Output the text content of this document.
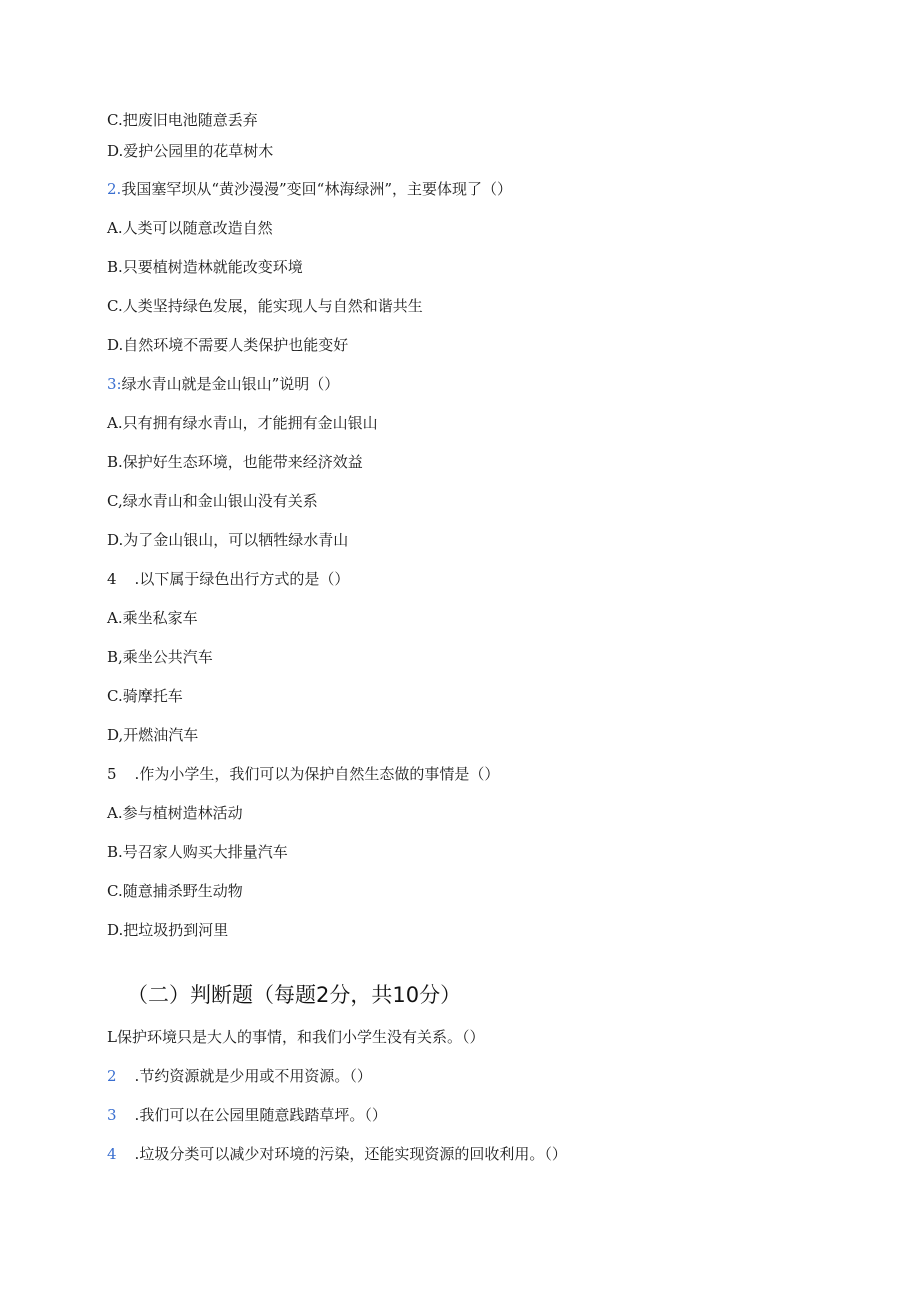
C.把废旧电池随意丢弃
D.爱护公园里的花草树木
2.我国塞罕坝从“黄沙漫漫”变回“林海绿洲”，主要体现了（）
A.人类可以随意改造自然
B.只要植树造林就能改变环境
C.人类坚持绿色发展，能实现人与自然和谐共生
D.自然环境不需要人类保护也能变好
3:绿水青山就是金山银山”说明（）
A.只有拥有绿水青山，才能拥有金山银山
B.保护好生态环境，也能带来经济效益
C,绿水青山和金山银山没有关系
D.为了金山银山，可以牺牲绿水青山
4 .以下属于绿色出行方式的是（）
A.乘坐私家车
B,乘坐公共汽车
C.骑摩托车
D,开燃油汽车
5 .作为小学生，我们可以为保护自然生态做的事情是（）
A.参与植树造林活动
B.号召家人购买大排量汽车
C.随意捕杀野生动物
D.把垃圾扔到河里
（二）判断题（每题2分，共10分）
L保护环境只是大人的事情，和我们小学生没有关系。（）
2 .节约资源就是少用或不用资源。（）
3 .我们可以在公园里随意践踏草坪。（）
4 .垃圾分类可以减少对环境的污染，还能实现资源的回收利用。（）
